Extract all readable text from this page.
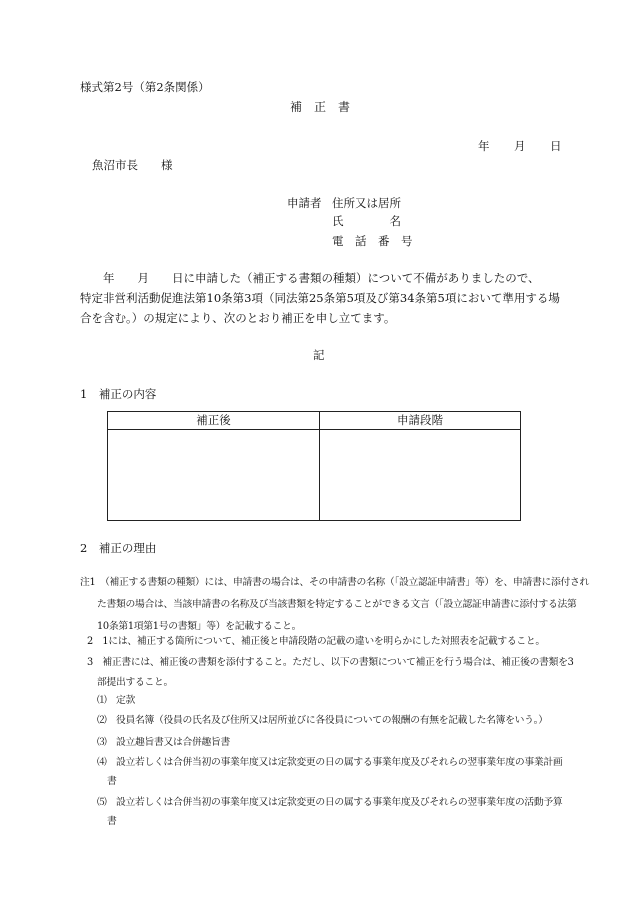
様式第2号（第2条関係）
補　正　書
年 月 日
魚沼市長　　様
申請者 住所又は居所
氏　　　　名
電　話　番　号
　　年　　月　　日に申請した（補正する書類の種類）について不備がありましたので、
特定非営利活動促進法第10条第3項（同法第25条第5項及び第34条第5項において準用する場
合を含む。）の規定により、次のとおり補正を申し立てます。
記
1　補正の内容
補正後	申請段階
2　補正の理由
注1　（補正する書類の種類）には、申請書の場合は、その申請書の名称（「設立認証申請書」等）を、申請書に添付され
た書類の場合は、当該申請書の名称及び当該書類を特定することができる文言（「設立認証申請書に添付する法第
10条第1項第1号の書類」等）を記載すること。
2　1には、補正する箇所について、補正後と申請段階の記載の違いを明らかにした対照表を記載すること。
3　補正書には、補正後の書類を添付すること。ただし、以下の書類について補正を行う場合は、補正後の書類を3
部提出すること。
⑴　定款
⑵　役員名簿（役員の氏名及び住所又は居所並びに各役員についての報酬の有無を記載した名簿をいう。）
⑶　設立趣旨書又は合併趣旨書
⑷　設立若しくは合併当初の事業年度又は定款変更の日の属する事業年度及びそれらの翌事業年度の事業計画
書
⑸　設立若しくは合併当初の事業年度又は定款変更の日の属する事業年度及びそれらの翌事業年度の活動予算
書
